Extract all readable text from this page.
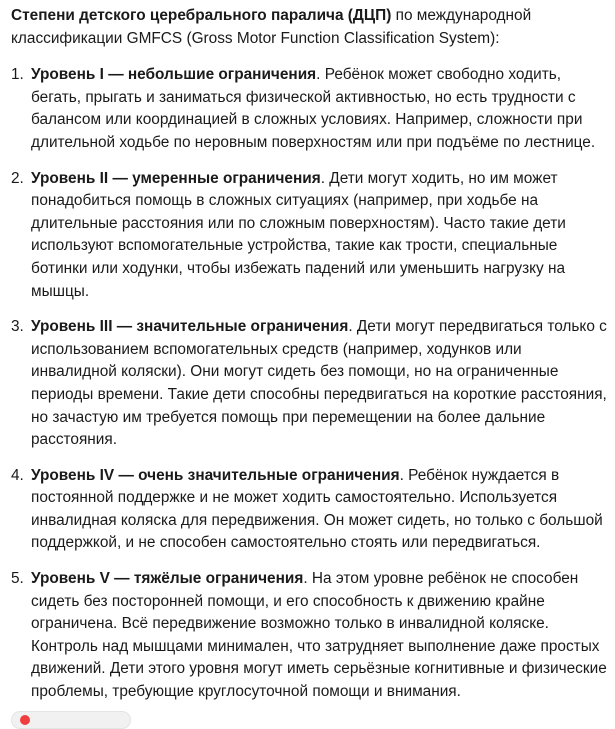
Степени детского церебрального паралича (ДЦП) по международной классификации GMFCS (Gross Motor Function Classification System):

1. Уровень I — небольшие ограничения. Ребёнок может свободно ходить, бегать, прыгать и заниматься физической активностью, но есть трудности с балансом или координацией в сложных условиях. Например, сложности при длительной ходьбе по неровным поверхностям или при подъёме по лестнице.
2. Уровень II — умеренные ограничения. Дети могут ходить, но им может понадобиться помощь в сложных ситуациях (например, при ходьбе на длительные расстояния или по сложным поверхностям). Часто такие дети используют вспомогательные устройства, такие как трости, специальные ботинки или ходунки, чтобы избежать падений или уменьшить нагрузку на мышцы.
3. Уровень III — значительные ограничения. Дети могут передвигаться только с использованием вспомогательных средств (например, ходунков или инвалидной коляски). Они могут сидеть без помощи, но на ограниченные периоды времени. Такие дети способны передвигаться на короткие расстояния, но зачастую им требуется помощь при перемещении на более дальние расстояния.
4. Уровень IV — очень значительные ограничения. Ребёнок нуждается в постоянной поддержке и не может ходить самостоятельно. Используется инвалидная коляска для передвижения. Он может сидеть, но только с большой поддержкой, и не способен самостоятельно стоять или передвигаться.
5. Уровень V — тяжёлые ограничения. На этом уровне ребёнок не способен сидеть без посторонней помощи, и его способность к движению крайне ограничена. Всё передвижение возможно только в инвалидной коляске. Контроль над мышцами минимален, что затрудняет выполнение даже простых движений. Дети этого уровня могут иметь серьёзные когнитивные и физические проблемы, требующие круглосуточной помощи и внимания.
